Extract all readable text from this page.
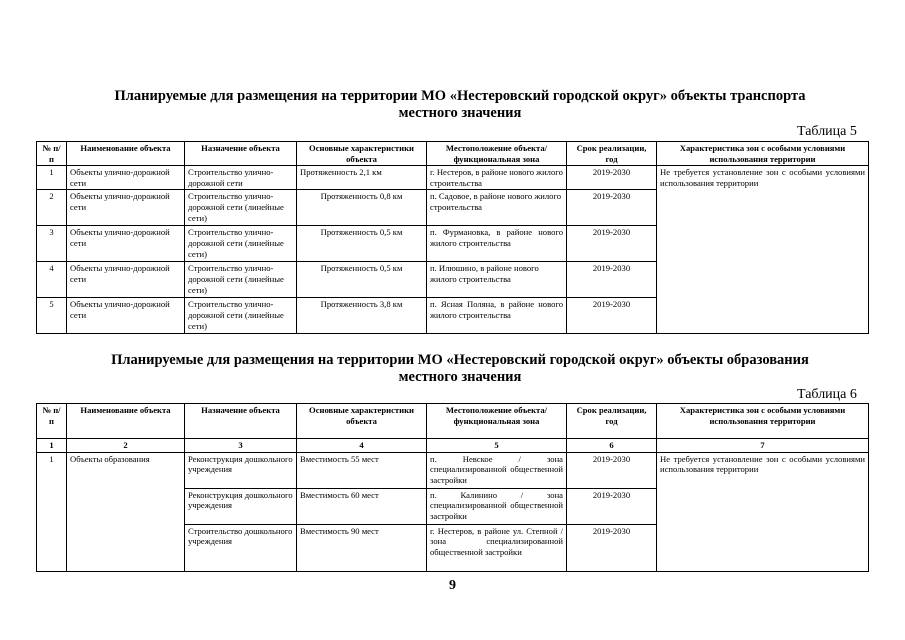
Планируемые для размещения на территории МО «Нестеровский городской округ» объекты транспорта
местного значения
Таблица 5
№ п/п	Наименование объекта	Назначение объекта	Основные характеристики объекта	Местоположение объекта/ функциональная зона	Срок реализации, год	Характеристика зон с особыми условиями использования территории
1	Объекты улично-дорожной сети	Строительство улично-дорожной сети	Протяженность 2,1 км	г. Нестеров, в районе нового жилого строительства	2019-2030	Не требуется установление зон с особыми условиями использования территории
2	Объекты улично-дорожной сети	Строительство улично-дорожной сети (линейные сети)	Протяженность 0,8 км	п. Садовое, в районе нового жилого строительства	2019-2030	
3	Объекты улично-дорожной сети	Строительство улично-дорожной сети (линейные сети)	Протяженность 0,5 км	п. Фурмановка, в районе нового жилого строительства	2019-2030	
4	Объекты улично-дорожной сети	Строительство улично-дорожной сети (линейные сети)	Протяженность 0,5 км	п. Илюшино, в районе нового жилого строительства	2019-2030	
5	Объекты улично-дорожной сети	Строительство улично-дорожной сети (линейные сети)	Протяженность 3,8 км	п. Ясная Поляна, в районе нового жилого строительства	2019-2030	
Планируемые для размещения на территории МО «Нестеровский городской округ» объекты образования
местного значения
Таблица 6
№ п/п	Наименование объекта	Назначение объекта	Основные характеристики объекта	Местоположение объекта/ функциональная зона	Срок реализации, год	Характеристика зон с особыми условиями использования территории
1	2	3	4	5	6	7
1	Объекты образования	Реконструкция дошкольного учреждения	Вместимость 55 мест	п. Невское / зона специализированной общественной застройки	2019-2030	Не требуется установление зон с особыми условиями использования территории
		Реконструкция дошкольного учреждения	Вместимость 60 мест	п. Калинино / зона специализированной общественной застройки	2019-2030	
		Строительство дошкольного учреждения	Вместимость 90 мест	г. Нестеров, в районе ул. Степной / зона специализированной общественной застройки	2019-2030	
9
